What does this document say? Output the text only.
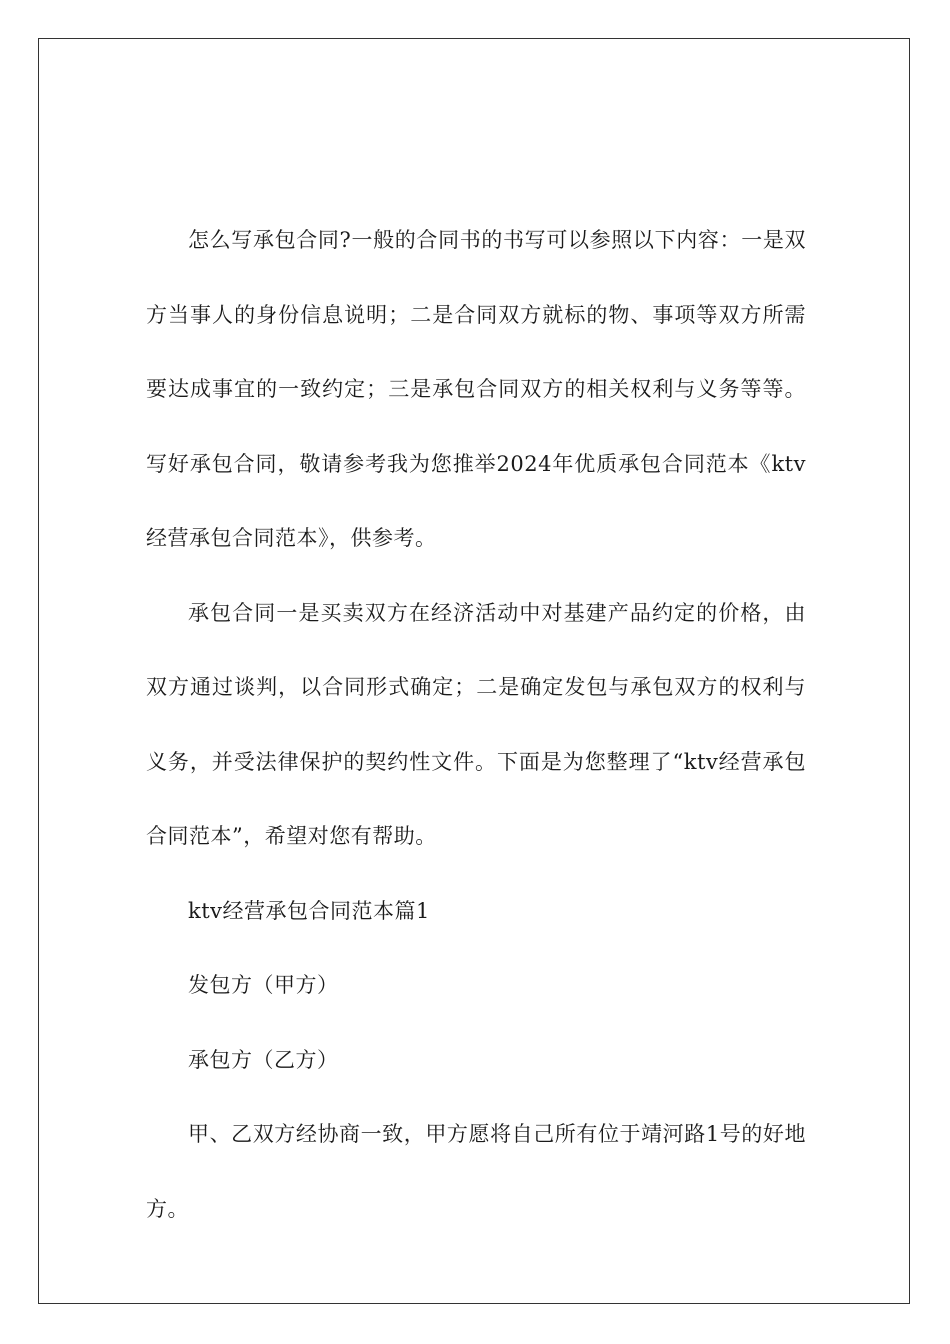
怎么写承包合同?一般的合同书的书写可以参照以下内容：一是双方当事人的身份信息说明；二是合同双方就标的物、事项等双方所需要达成事宜的一致约定；三是承包合同双方的相关权利与义务等等。写好承包合同，敬请参考我为您推举2024年优质承包合同范本《ktv经营承包合同范本》，供参考。

承包合同一是买卖双方在经济活动中对基建产品约定的价格，由双方通过谈判，以合同形式确定；二是确定发包与承包双方的权利与义务，并受法律保护的契约性文件。下面是为您整理了“ktv经营承包合同范本”，希望对您有帮助。

ktv经营承包合同范本篇1

发包方（甲方）

承包方（乙方）

甲、乙双方经协商一致，甲方愿将自己所有位于靖河路1号的好地方。
